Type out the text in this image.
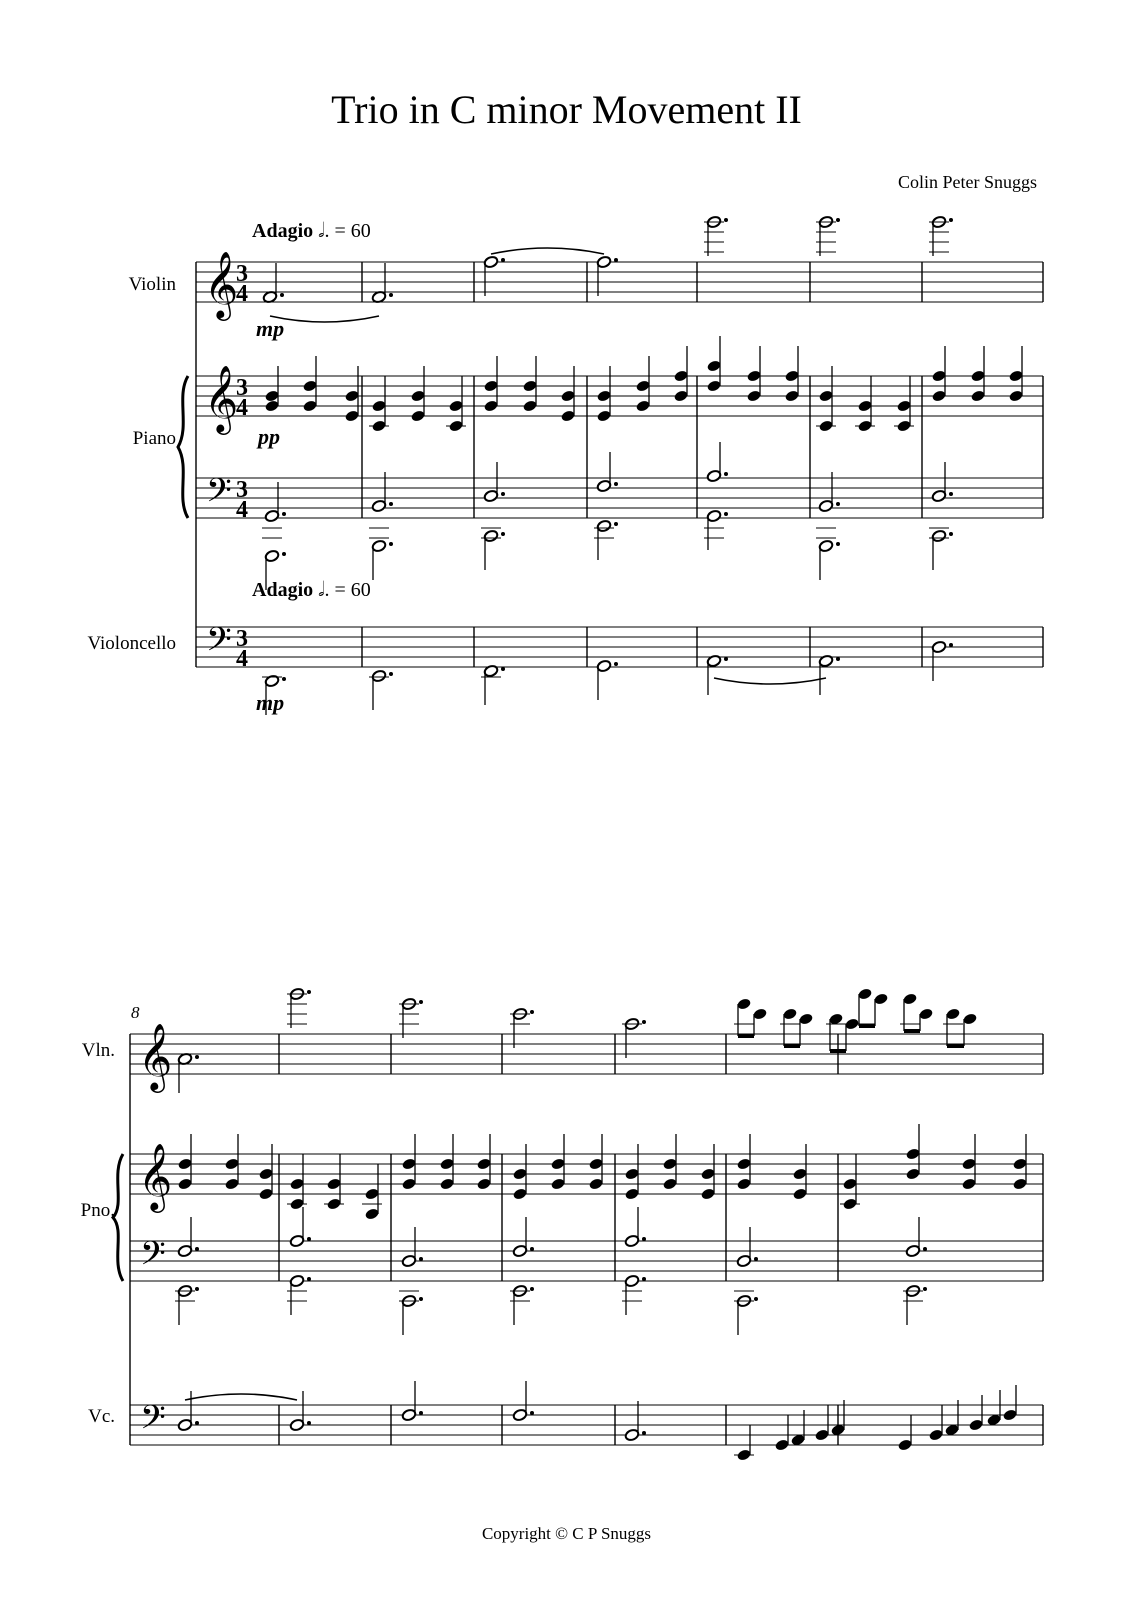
Trio in C minor Movement II
Colin Peter Snuggs
Adagio 𝅗𝅥. = 60
Adagio 𝅗𝅥. = 60
Violin
Piano
Violoncello
mp
pp
mp
8
Vln.
Pno.
Vc.
𝄞
𝄞
𝄢
𝄢
3
4
3
4
3
4
3
4
𝄞
𝄞
𝄢
𝄢
Copyright © C P Snuggs
